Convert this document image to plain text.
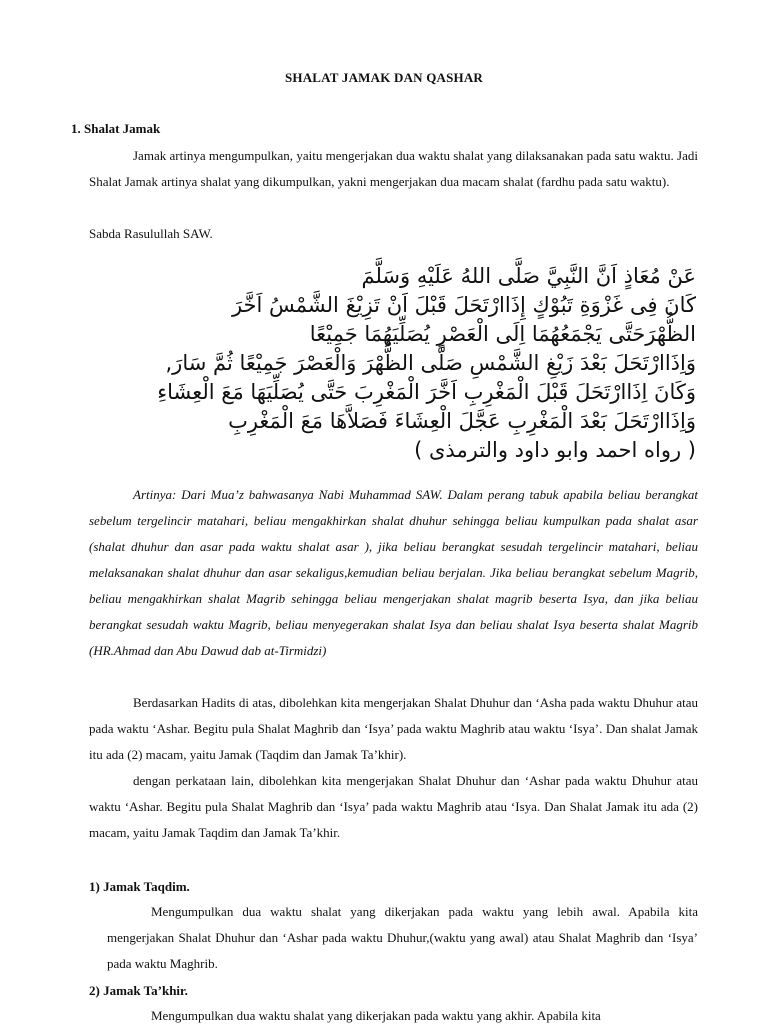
SHALAT JAMAK DAN QASHAR
1. Shalat Jamak

Jamak artinya mengumpulkan, yaitu mengerjakan dua waktu shalat yang dilaksanakan pada satu waktu. Jadi Shalat Jamak artinya shalat yang dikumpulkan, yakni mengerjakan dua macam shalat (fardhu pada satu waktu).

Sabda Rasulullah SAW.

عَنْ مُعَاذٍ اَنَّ النَّبِيَّ صَلَّى اللهُ عَلَيْهِ وَسَلَّمَ
كَانَ فِى غَزْوَةِ تَبُوْكٍ إِذَاارْتَحَلَ قَبْلَ اَنْ تَزِيْغَ الشَّمْسُ اَخَّرَ
الظُّهْرَحَتَّى يَجْمَعُهُمَا اِلَى الْعَصْرِ يُصَلِّيَهُمَا جَمِيْعًا
وَاِذَاارْتَحَلَ بَعْدَ زَيْغِ الشَّمْسِ صَلَّى الظُّهْرَ وَالْعَصْرَ جَمِيْعًا ثُمَّ سَارَ,
وَكَانَ اِذَاارْتَحَلَ قَبْلَ الْمَغْرِبِ اَخَّرَ الْمَغْرِبَ حَتَّى يُصَلِّيَهَا مَعَ الْعِشَاءِ
وَاِذَاارْتَحَلَ بَعْدَ الْمَغْرِبِ عَجَّلَ الْعِشَاءَ فَصَلاَّهَا مَعَ الْمَغْرِبِ
( رواه احمد وابو داود والترمذى )

Artinya: Dari Mua’z bahwasanya Nabi Muhammad SAW. Dalam perang tabuk apabila beliau berangkat sebelum tergelincir matahari, beliau mengakhirkan shalat dhuhur sehingga beliau kumpulkan pada shalat asar (shalat dhuhur dan asar pada waktu shalat asar ), jika beliau berangkat sesudah tergelincir matahari, beliau melaksanakan shalat dhuhur dan asar sekaligus,kemudian beliau berjalan. Jika beliau berangkat sebelum Magrib, beliau mengakhirkan shalat Magrib sehingga beliau mengerjakan shalat magrib beserta Isya, dan jika beliau berangkat sesudah waktu Magrib, beliau menyegerakan shalat Isya dan beliau shalat Isya beserta shalat Magrib (HR.Ahmad dan Abu Dawud dab at-Tirmidzi)

Berdasarkan Hadits di atas, dibolehkan kita mengerjakan Shalat Dhuhur dan ‘Asha pada waktu Dhuhur atau pada waktu ‘Ashar. Begitu pula Shalat Maghrib dan ‘Isya’ pada waktu Maghrib atau waktu ‘Isya’. Dan shalat Jamak itu ada (2) macam, yaitu Jamak (Taqdim dan Jamak Ta’khir).

dengan perkataan lain, dibolehkan kita mengerjakan Shalat Dhuhur dan ‘Ashar pada waktu Dhuhur atau waktu ‘Ashar. Begitu pula Shalat Maghrib dan ‘Isya’ pada waktu Maghrib atau ‘Isya. Dan Shalat Jamak itu ada (2) macam, yaitu Jamak Taqdim dan Jamak Ta’khir.

1) Jamak Taqdim.

Mengumpulkan dua waktu shalat yang dikerjakan pada waktu yang lebih awal. Apabila kita mengerjakan Shalat Dhuhur dan ‘Ashar pada waktu Dhuhur,(waktu yang awal) atau Shalat Maghrib dan ‘Isya’ pada waktu Maghrib.

2) Jamak Ta’khir.

Mengumpulkan dua waktu shalat yang dikerjakan pada waktu yang akhir. Apabila kita
